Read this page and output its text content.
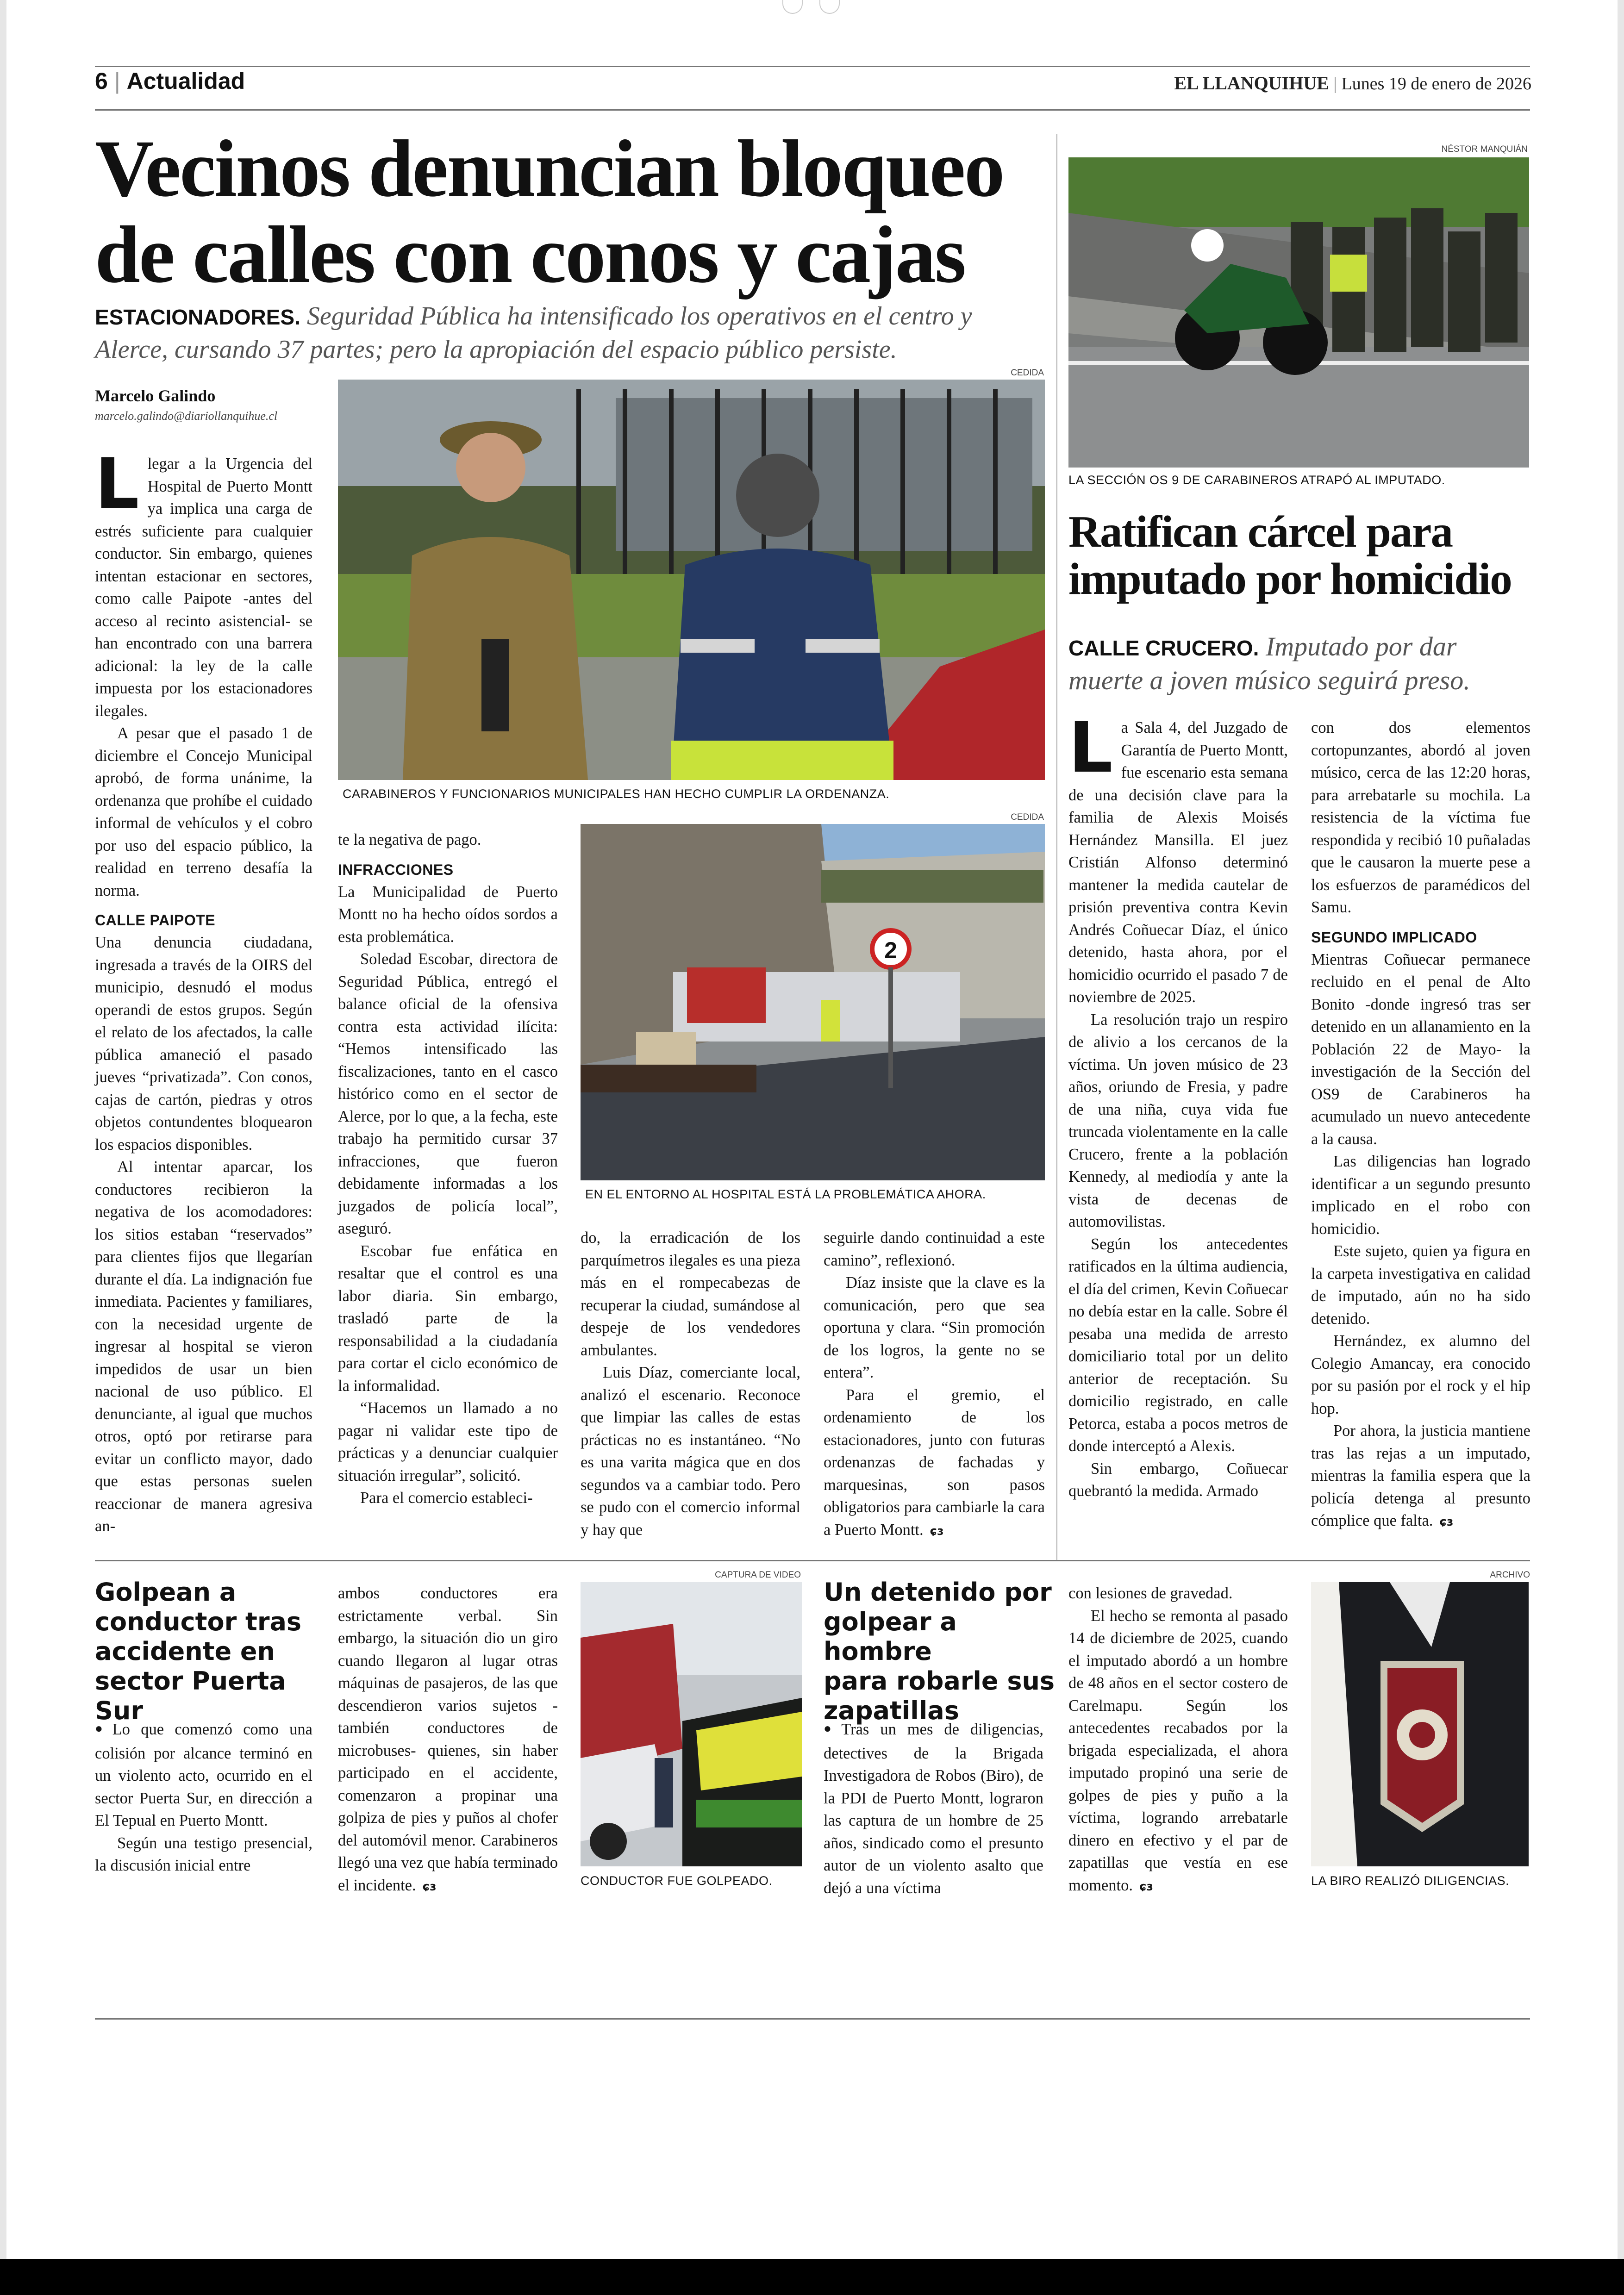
6 | Actualidad	EL LLANQUIHUE | Lunes 19 de enero de 2026
Vecinos denuncian bloqueo
de calles con conos y cajas
ESTACIONADORES. Seguridad Pública ha intensificado los operativos en el centro y
Alerce, cursando 37 partes; pero la apropiación del espacio público persiste.
Marcelo Galindo
marcelo.galindo@diariollanquihue.cl
CEDIDA
CARABINEROS Y FUNCIONARIOS MUNICIPALES HAN HECHO CUMPLIR LA ORDENANZA.
CEDIDA
2
EN EL ENTORNO AL HOSPITAL ESTÁ LA PROBLEMÁTICA AHORA.
L legar a la Urgencia del Hospital de Puerto Montt ya implica una carga de estrés suficiente para cualquier conductor. Sin embargo, quienes intentan estacionar en sectores, como calle Paipote -antes del acceso al recinto asistencial- se han encontrado con una barrera adicional: la ley de la calle impuesta por los estacionadores ilegales.

A pesar que el pasado 1 de diciembre el Concejo Municipal aprobó, de forma unánime, la ordenanza que prohíbe el cuidado informal de vehículos y el cobro por uso del espacio público, la realidad en terreno desafía la norma.

CALLE PAIPOTE

Una denuncia ciudadana, ingresada a través de la OIRS del municipio, desnudó el modus operandi de estos grupos. Según el relato de los afectados, la calle pública amaneció el pasado jueves “privatizada”. Con conos, cajas de cartón, piedras y otros objetos contundentes bloquearon los espacios disponibles.

Al intentar aparcar, los conductores recibieron la negativa de los acomodadores: los sitios estaban “reservados” para clientes fijos que llegarían durante el día. La indignación fue inmediata. Pacientes y familiares, con la necesidad urgente de ingresar al hospital se vieron impedidos de usar un bien nacional de uso público. El denunciante, al igual que muchos otros, optó por retirarse para evitar un conflicto mayor, dado que estas personas suelen reaccionar de manera agresiva an-

te la negativa de pago.

INFRACCIONES

La Municipalidad de Puerto Montt no ha hecho oídos sordos a esta problemática.

Soledad Escobar, directora de Seguridad Pública, entregó el balance oficial de la ofensiva contra esta actividad ilícita: “Hemos intensificado las fiscalizaciones, tanto en el casco histórico como en el sector de Alerce, por lo que, a la fecha, este trabajo ha permitido cursar 37 infracciones, que fueron debidamente informadas a los juzgados de policía local”, aseguró.

Escobar fue enfática en resaltar que el control es una labor diaria. Sin embargo, trasladó parte de la responsabilidad a la ciudadanía para cortar el ciclo económico de la informalidad.

“Hacemos un llamado a no pagar ni validar este tipo de prácticas y a denunciar cualquier situación irregular”, solicitó.

Para el comercio estableci-

do, la erradicación de los parquímetros ilegales es una pieza más en el rompecabezas de recuperar la ciudad, sumándose al despeje de los vendedores ambulantes.

Luis Díaz, comerciante local, analizó el escenario. Reconoce que limpiar las calles de estas prácticas no es instantáneo. “No es una varita mágica que en dos segundos va a cambiar todo. Pero se pudo con el comercio informal y hay que

seguirle dando continuidad a este camino”, reflexionó.

Díaz insiste que la clave es la comunicación, pero que sea oportuna y clara. “Sin promoción de los logros, la gente no se entera”.

Para el gremio, el ordenamiento de los estacionadores, junto con futuras ordenanzas de fachadas y marquesinas, son pasos obligatorios para cambiarle la cara a Puerto Montt. ɕɜ

NÉSTOR MANQUIÁN
LA SECCIÓN OS 9 DE CARABINEROS ATRAPÓ AL IMPUTADO.
Ratifican cárcel para
imputado por homicidio
CALLE CRUCERO. Imputado por dar
muerte a joven músico seguirá preso.
L a Sala 4, del Juzgado de Garantía de Puerto Montt, fue escenario esta semana de una decisión clave para la familia de Alexis Moisés Hernández Mansilla. El juez Cristián Alfonso determinó mantener la medida cautelar de prisión preventiva contra Kevin Andrés Coñuecar Díaz, el único detenido, hasta ahora, por el homicidio ocurrido el pasado 7 de noviembre de 2025.

La resolución trajo un respiro de alivio a los cercanos de la víctima. Un joven músico de 23 años, oriundo de Fresia, y padre de una niña, cuya vida fue truncada violentamente en la calle Crucero, frente a la población Kennedy, al mediodía y ante la vista de decenas de automovilistas.

Según los antecedentes ratificados en la última audiencia, el día del crimen, Kevin Coñuecar no debía estar en la calle. Sobre él pesaba una medida de arresto domiciliario total por un delito anterior de receptación. Su domicilio registrado, en calle Petorca, estaba a pocos metros de donde interceptó a Alexis.

Sin embargo, Coñuecar quebrantó la medida. Armado

con dos elementos cortopunzantes, abordó al joven músico, cerca de las 12:20 horas, para arrebatarle su mochila. La resistencia de la víctima fue respondida y recibió 10 puñaladas que le causaron la muerte pese a los esfuerzos de paramédicos del Samu.

SEGUNDO IMPLICADO

Mientras Coñuecar permanece recluido en el penal de Alto Bonito -donde ingresó tras ser detenido en un allanamiento en la Población 22 de Mayo- la investigación de la Sección del OS9 de Carabineros ha acumulado un nuevo antecedente a la causa.

Las diligencias han logrado identificar a un segundo presunto implicado en el robo con homicidio.

Este sujeto, quien ya figura en la carpeta investigativa en calidad de imputado, aún no ha sido detenido.

Hernández, ex alumno del Colegio Amancay, era conocido por su pasión por el rock y el hip hop.

Por ahora, la justicia mantiene tras las rejas a un imputado, mientras la familia espera que la policía detenga al presunto cómplice que falta. ɕɜ

Golpean a
conductor tras
accidente en
sector Puerta Sur

● Lo que comenzó como una colisión por alcance terminó en un violento acto, ocurrido en el sector Puerta Sur, en dirección a El Tepual en Puerto Montt.

Según una testigo presencial, la discusión inicial entre

ambos conductores era estrictamente verbal. Sin embargo, la situación dio un giro cuando llegaron al lugar otras máquinas de pasajeros, de las que descendieron varios sujetos -también conductores de microbuses- quienes, sin haber participado en el accidente, comenzaron a propinar una golpiza de pies y puños al chofer del automóvil menor. Carabineros llegó una vez que había terminado el incidente. ɕɜ

CAPTURA DE VIDEO
CONDUCTOR FUE GOLPEADO.
Un detenido por
golpear a hombre
para robarle sus
zapatillas

● Tras un mes de diligencias, detectives de la Brigada Investigadora de Robos (Biro), de la PDI de Puerto Montt, lograron las captura de un hombre de 25 años, sindicado como el presunto autor de un violento asalto que dejó a una víctima

con lesiones de gravedad.

El hecho se remonta al pasado 14 de diciembre de 2025, cuando el imputado abordó a un hombre de 48 años en el sector costero de Carelmapu. Según los antecedentes recabados por la brigada especializada, el ahora imputado propinó una serie de golpes de pies y puño a la víctima, logrando arrebatarle dinero en efectivo y el par de zapatillas que vestía en ese momento. ɕɜ

ARCHIVO
LA BIRO REALIZÓ DILIGENCIAS.
